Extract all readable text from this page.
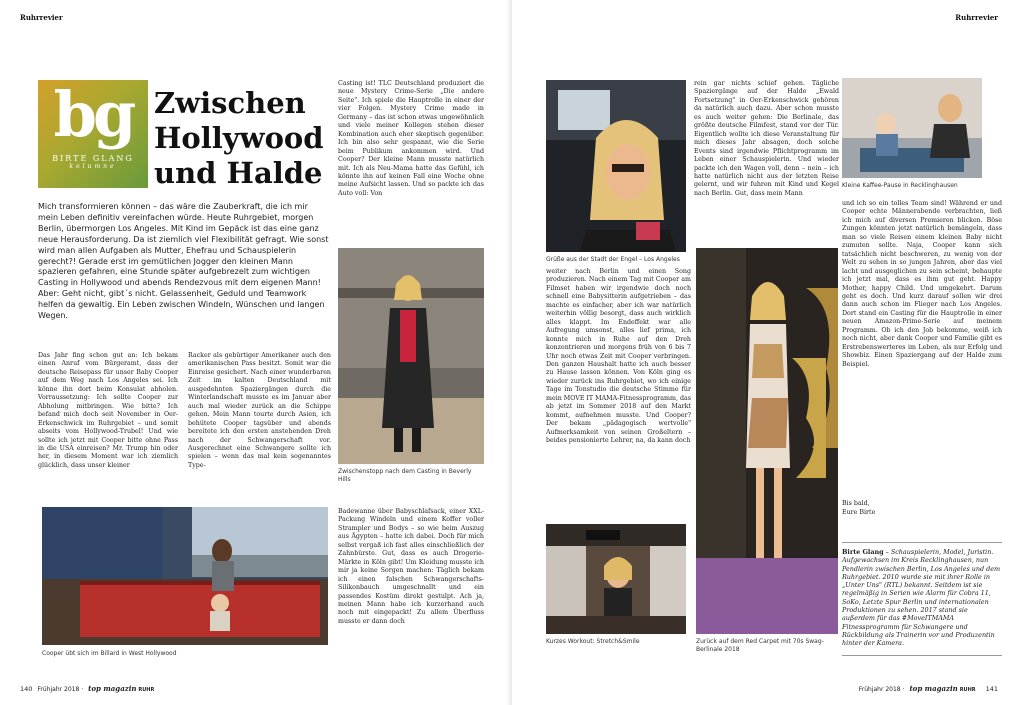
Ruhrrevier
bg
BIRTE GLANG
kolumne
Zwischen
Hollywood
und Halde
Mich transformieren können – das wäre die Zauberkraft, die ich mir mein Leben definitiv vereinfachen würde. Heute Ruhrgebiet, morgen Berlin, übermorgen Los Angeles. Mit Kind im Gepäck ist das eine ganz neue Herausforderung. Da ist ziemlich viel Flexibilität gefragt. Wie sonst wird man allen Aufgaben als Mutter, Ehefrau und Schauspielerin gerecht?! Gerade erst im gemütlichen Jogger den kleinen Mann spazieren gefahren, eine Stunde später aufgebrezelt zum wichtigen Casting in Hollywood und abends Rendezvous mit dem eigenen Mann! Aber: Geht nicht, gibt´s nicht. Gelassenheit, Geduld und Teamwork helfen da gewaltig. Ein Leben zwischen Windeln, Wünschen und langen Wegen.
Das Jahr fing schon gut an: Ich bekam einen Anruf vom Bürgeramt, dass der deutsche Reisepass für unser Baby Cooper auf dem Weg nach Los Angeles sei. Ich könne ihn dort beim Konsulat abholen. Vorraussetzung: Ich sollte Cooper zur Abholung mitbringen. Wie bitte? Ich befand mich doch seit November in Oer-Erkenschwick im Ruhrgebiet – und somit abseits vom Hollywood-Trubel! Und wie sollte ich jetzt mit Cooper bitte ohne Pass in die USA einreisen? Mr. Trump hin oder her, in diesem Moment war ich ziemlich glücklich, dass unser kleiner
Racker als gebürtiger Amerikaner auch den amerikanischen Pass besitzt. Somit war die Einreise gesichert. Nach einer wunderbaren Zeit im kalten Deutschland mit ausgedehnten Spaziergängen durch die Winterlandschaft musste es im Januar aber auch mal wieder zurück an die Schippe gehen. Mein Mann tourte durch Asien, ich behütete Cooper tagsüber und abends bereitete ich den ersten anstehenden Dreh nach der Schwangerschaft vor. Ausgerechnet eine Schwangere sollte ich spielen – wenn das mal kein sogenanntes Type-
Casting ist! TLC Deutschland produziert die neue Mystery Crime-Serie „Die andere Seite". Ich spiele die Hauptrolle in einer der vier Folgen. Mystery Crime made in Germany – das ist schon etwas ungewöhnlich und viele meiner Kollegen stehen dieser Kombination auch eher skeptisch gegenüber. Ich bin also sehr gespannt, wie die Serie beim Publikum ankommen wird. Und Cooper? Der kleine Mann musste natürlich mit. Ich als Neu-Mama hatte das Gefühl, ich könnte ihn auf keinen Fall eine Woche ohne meine Aufsicht lassen. Und so packte ich das Auto voll: Von
Badewanne über Babyschlafsack, einer XXL-Packung Windeln und einem Koffer voller Strampler und Bodys – so wie beim Auszug aus Ägypten – hatte ich dabei. Doch für mich selbst vergaß ich fast alles einschließlich der Zahnbürste. Gut, dass es auch Drogerie-Märkte in Köln gibt! Um Kleidung musste ich mir ja keine Sorgen machen: Täglich bekam ich einen falschen Schwangerschafts-Silikonbauch umgeschnallt und ein passendes Kostüm direkt gestulpt. Ach ja, meinen Mann habe ich kurzerhand auch noch mit eingepackt! Zu allem Überfluss musste er dann doch
Zwischenstopp nach dem Casting in Beverly Hills
Cooper übt sich im Billard in West Hollywood
140 Frühjahr 2018 · top magazin RUHR
Ruhrrevier
Grüße aus der Stadt der Engel – Los Angeles
rein gar nichts schief gehen. Tägliche Spaziergänge auf der Halde „Ewald Fortsetzung" in Oer-Erkenschwick gehören da natürlich auch dazu. Aber schon musste es auch weiter gehen: Die Berlinale, das größte deutsche Filmfest, stand vor der Tür. Eigentlich wollte ich diese Veranstaltung für mich dieses Jahr absagen, doch solche Events sind irgendwie Pflichtprogramm im Leben einer Schauspielerin. Und wieder packte ich den Wagen voll, denn – nein – ich hatte natürlich nicht aus der letzten Reise gelernt, und wir fuhren mit Kind und Kegel nach Berlin. Gut, dass mein Mann
weiter nach Berlin und einen Song produzieren. Nach einem Tag mit Cooper am Filmset haben wir irgendwie doch noch schnell eine Babysitterin aufgetrieben – das machte es einfacher, aber ich war natürlich weiterhin völlig besorgt, dass auch wirklich alles klappt. Im Endeffekt war alle Aufregung umsonst, alles lief prima, ich konnte mich in Ruhe auf den Dreh konzentrieren und morgens früh von 6 bis 7 Uhr noch etwas Zeit mit Cooper verbringen. Den ganzen Haushalt hatte ich auch besser zu Hause lassen können. Von Köln ging es wieder zurück ins Ruhrgebiet, wo ich einige Tage im Tonstudio die deutsche Stimme für mein MOVE IT MAMA-Fitnessprogramm, das ab jetzt im Sommer 2018 auf den Markt kommt, aufnehmen musste. Und Cooper? Der bekam „pädagogisch wertvolle" Aufmerksamkeit von seinen Großeltern – beides pensionierte Lehrer, na, da kann doch
Kleine Kaffee-Pause in Recklinghausen
Zurück auf dem Red Carpet mit 70s Swag-Berlinale 2018
Kurzes Workout: Stretch&Smile
und ich so ein tolles Team sind! Während er und Cooper echte Männerabende verbrachten, ließ ich mich auf diversen Premieren blicken. Böse Zungen könnten jetzt natürlich bemängeln, dass man so viele Reisen einem kleinen Baby nicht zumuten sollte. Naja, Cooper kann sich tatsächlich nicht beschweren, zu wenig von der Welt zu sehen in so jungen Jahren, aber das viel lacht und ausgeglichen zu sein scheint, behaupte ich jetzt mal, dass es ihm gut geht. Happy Mother, happy Child. Und umgekehrt. Darum geht es doch. Und kurz darauf sollen wir drei dann auch schon im Flieger nach Los Angeles. Dort stand ein Casting für die Hauptrolle in einer neuen Amazon-Prime-Serie auf meinem Programm. Ob ich den Job bekomme, weiß ich noch nicht, aber dank Cooper und Familie gibt es Erstrebenswerteres im Leben, als nur Erfolg und Showbiz. Einen Spaziergang auf der Halde zum Beispiel.
Bis bald,
Eure Birte
Birte Glang – Schauspielerin, Model, Juristin. Aufgewachsen im Kreis Recklinghausen, nun Pendlerin zwischen Berlin, Los Angeles und dem Ruhrgebiet. 2010 wurde sie mit ihrer Rolle in „Unter Uns" (RTL) bekannt. Seitdem ist sie regelmäßig in Serien wie Alarm für Cobra 11, SoKo, Letzte Spur Berlin und internationalen Produktionen zu sehen. 2017 stand sie außerdem für das #MoveITMAMA Fitnessprogramm für Schwangere und Rückbildung als Trainerin vor und Produzentin hinter der Kamera.
Frühjahr 2018 · top magazin RUHR 141
